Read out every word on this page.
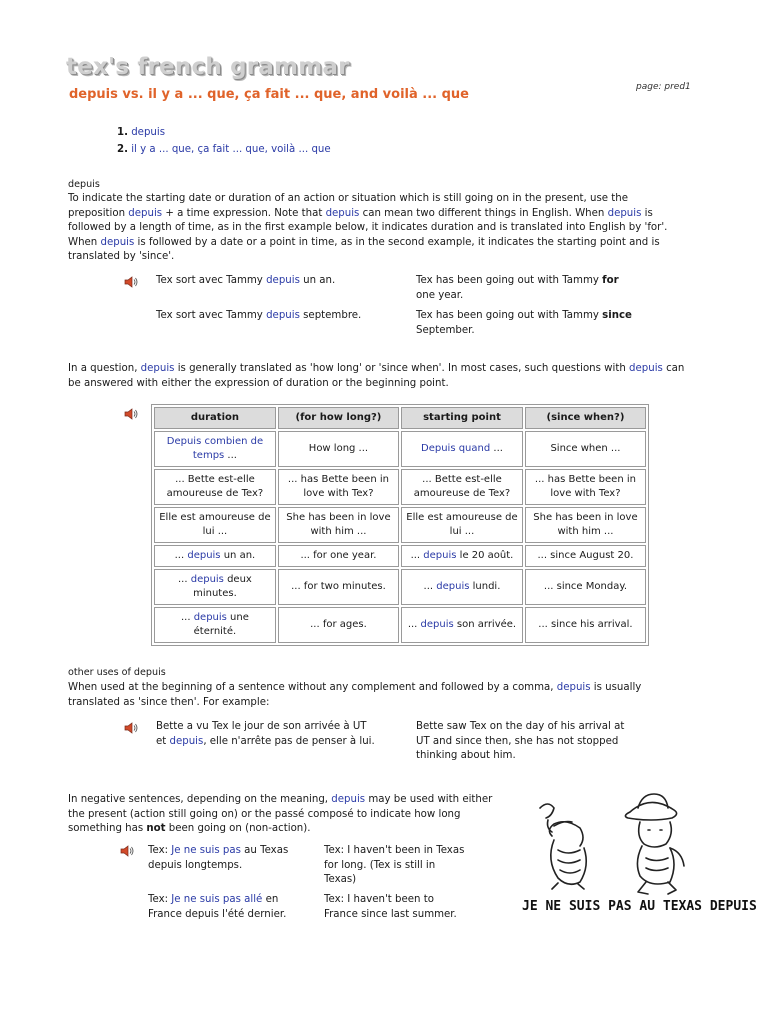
tex's french grammar
depuis vs. il y a ... que, ça fait ... que, and voilà ... que	page: pred1
1. depuis
2. il y a ... que, ça fait ... que, voilà ... que
depuis
To indicate the starting date or duration of an action or situation which is still going on in the present, use the
preposition depuis + a time expression. Note that depuis can mean two different things in English. When depuis is
followed by a length of time, as in the first example below, it indicates duration and is translated into English by 'for'.
When depuis is followed by a date or a point in time, as in the second example, it indicates the starting point and is
translated by 'since'.
Tex sort avec Tammy depuis un an.	Tex has been going out with Tammy for
one year.
Tex sort avec Tammy depuis septembre.	Tex has been going out with Tammy since
September.
In a question, depuis is generally translated as 'how long' or 'since when'. In most cases, such questions with depuis can
be answered with either the expression of duration or the beginning point.
duration	(for how long?)	starting point	(since when?)
Depuis combien de temps ...	How long ...	Depuis quand ...	Since when ...
... Bette est-elle amoureuse de Tex?	... has Bette been in love with Tex?	... Bette est-elle amoureuse de Tex?	... has Bette been in love with Tex?
Elle est amoureuse de lui ...	She has been in love with him ...	Elle est amoureuse de lui ...	She has been in love with him ...
... depuis un an.	... for one year.	... depuis le 20 août.	... since August 20.
... depuis deux minutes.	... for two minutes.	... depuis lundi.	... since Monday.
... depuis une éternité.	... for ages.	... depuis son arrivée.	... since his arrival.
other uses of depuis
When used at the beginning of a sentence without any complement and followed by a comma, depuis is usually
translated as 'since then'. For example:
Bette a vu Tex le jour de son arrivée à UT
et depuis, elle n'arrête pas de penser à lui.
Bette saw Tex on the day of his arrival at
UT and since then, she has not stopped
thinking about him.
In negative sentences, depending on the meaning, depuis may be used with either
the present (action still going on) or the passé composé to indicate how long
something has not been going on (non-action).
Tex: Je ne suis pas au Texas
depuis longtemps.
Tex: I haven't been in Texas
for long. (Tex is still in
Texas)
Tex: Je ne suis pas allé en
France depuis l'été dernier.
Tex: I haven't been to
France since last summer.	JE NE SUIS PAS AU TEXAS DEPUIS
